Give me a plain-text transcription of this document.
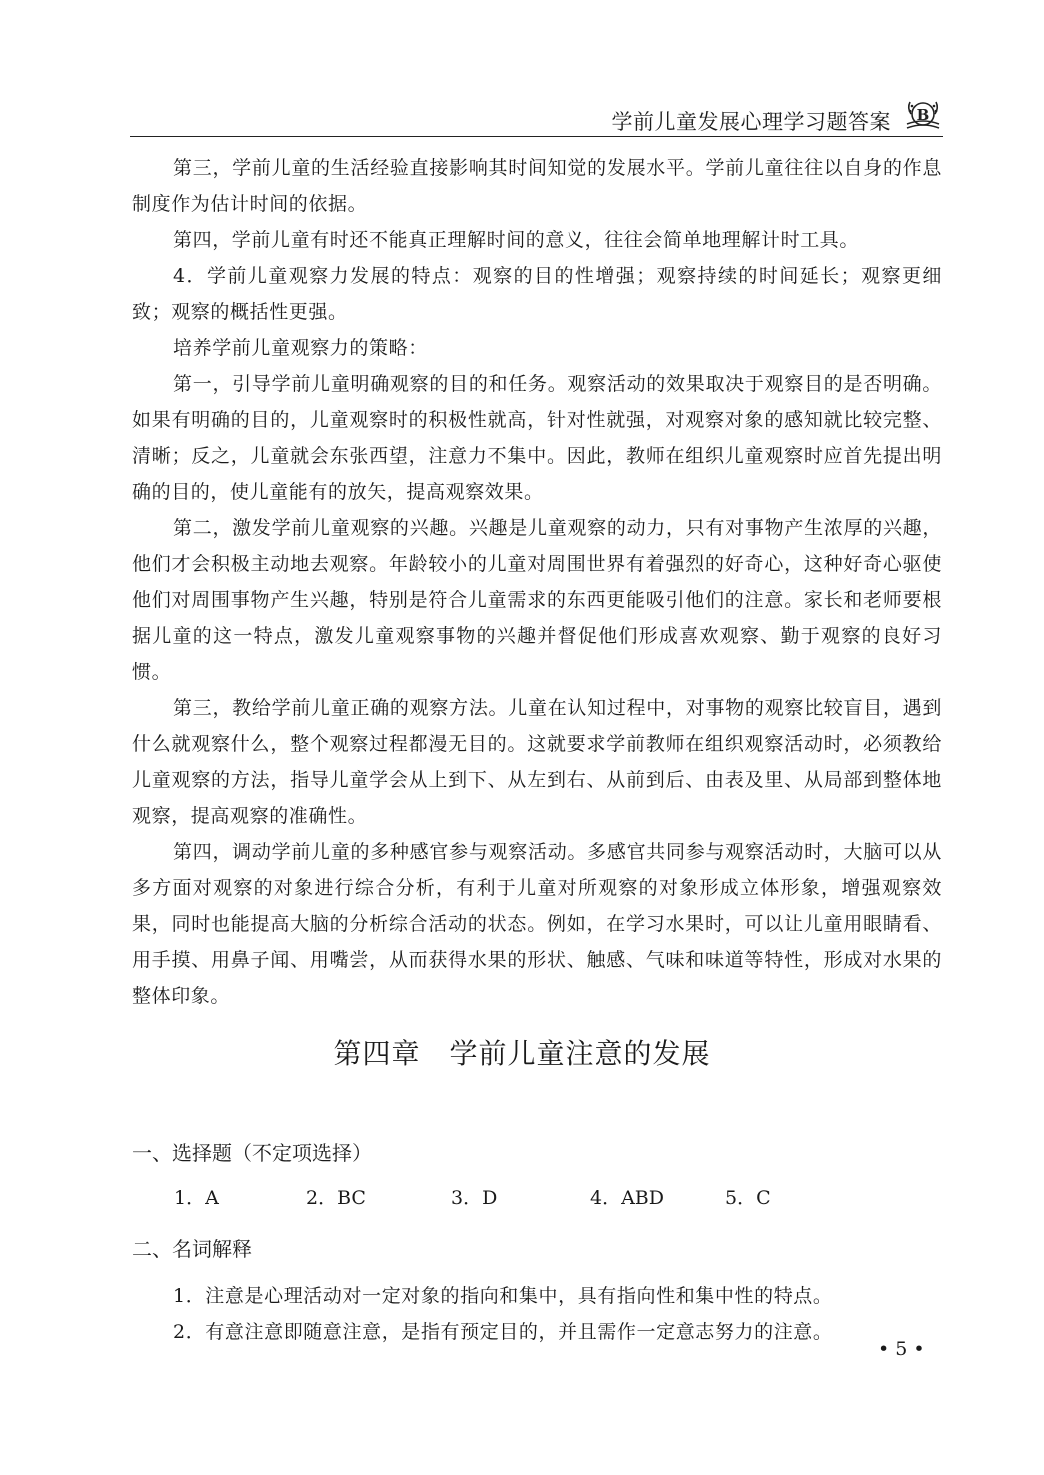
学前儿童发展心理学习题答案 B

第三，学前儿童的生活经验直接影响其时间知觉的发展水平。学前儿童往往以自身的作息制度作为估计时间的依据。

第四，学前儿童有时还不能真正理解时间的意义，往往会简单地理解计时工具。

4．学前儿童观察力发展的特点：观察的目的性增强；观察持续的时间延长；观察更细致；观察的概括性更强。

培养学前儿童观察力的策略：

第一，引导学前儿童明确观察的目的和任务。观察活动的效果取决于观察目的是否明确。如果有明确的目的，儿童观察时的积极性就高，针对性就强，对观察对象的感知就比较完整、清晰；反之，儿童就会东张西望，注意力不集中。因此，教师在组织儿童观察时应首先提出明确的目的，使儿童能有的放矢，提高观察效果。

第二，激发学前儿童观察的兴趣。兴趣是儿童观察的动力，只有对事物产生浓厚的兴趣，他们才会积极主动地去观察。年龄较小的儿童对周围世界有着强烈的好奇心，这种好奇心驱使他们对周围事物产生兴趣，特别是符合儿童需求的东西更能吸引他们的注意。家长和老师要根据儿童的这一特点，激发儿童观察事物的兴趣并督促他们形成喜欢观察、勤于观察的良好习惯。

第三，教给学前儿童正确的观察方法。儿童在认知过程中，对事物的观察比较盲目，遇到什么就观察什么，整个观察过程都漫无目的。这就要求学前教师在组织观察活动时，必须教给儿童观察的方法，指导儿童学会从上到下、从左到右、从前到后、由表及里、从局部到整体地观察，提高观察的准确性。

第四，调动学前儿童的多种感官参与观察活动。多感官共同参与观察活动时，大脑可以从多方面对观察的对象进行综合分析，有利于儿童对所观察的对象形成立体形象，增强观察效果，同时也能提高大脑的分析综合活动的状态。例如，在学习水果时，可以让儿童用眼睛看、用手摸、用鼻子闻、用嘴尝，从而获得水果的形状、触感、气味和味道等特性，形成对水果的整体印象。

第四章　学前儿童注意的发展
一、选择题（不定项选择）
1．A	2．BC	3．D	4．ABD	5．C
二、名词解释

1．注意是心理活动对一定对象的指向和集中，具有指向性和集中性的特点。

2．有意注意即随意注意，是指有预定目的，并且需作一定意志努力的注意。

• 5 •
